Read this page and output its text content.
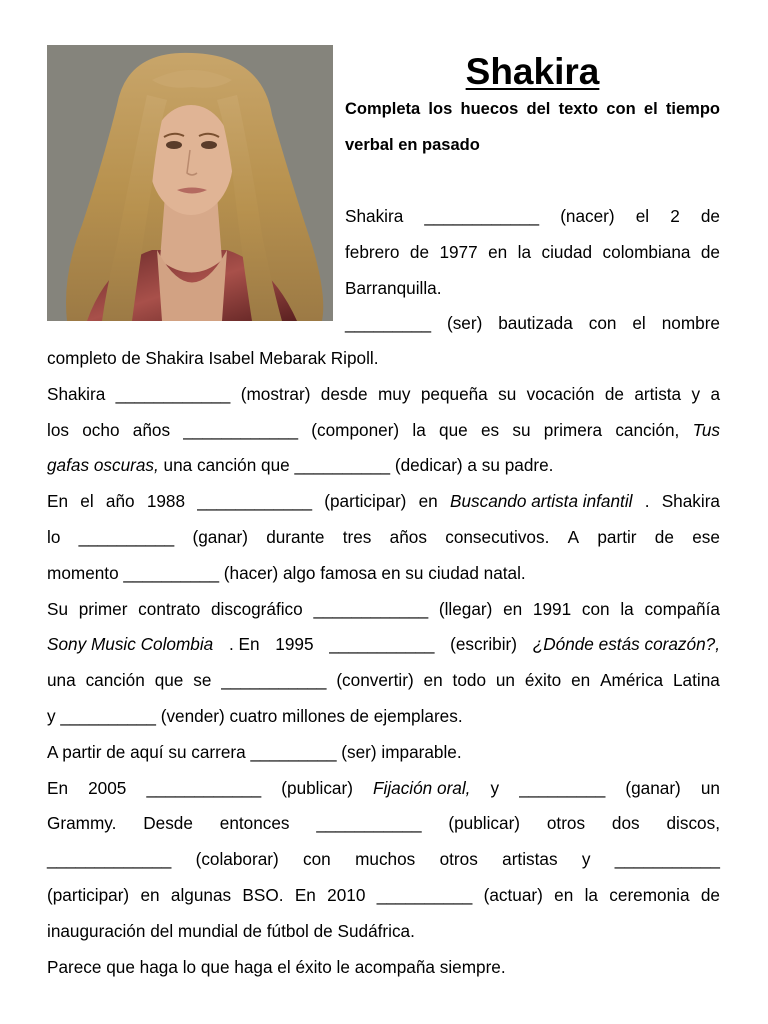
Shakira
Completa los huecos del texto con el tiempo verbal en pasado
Shakira ____________ (nacer) el 2 de
febrero de 1977 en la ciudad colombiana de
Barranquilla.
_________ (ser) bautizada con el nombre
completo de Shakira Isabel Mebarak Ripoll.
Shakira ____________ (mostrar) desde muy pequeña su vocación de artista y a
los ocho años ____________ (componer) la que es su primera canción, Tus
gafas oscuras, una canción que __________ (dedicar) a su padre.
En el año 1988 ____________ (participar) en Buscando artista infantil . Shakira
lo __________ (ganar) durante tres años consecutivos. A partir de ese
momento __________ (hacer) algo famosa en su ciudad natal.
Su primer contrato discográfico ____________ (llegar) en 1991 con la compañía
Sony Music Colombia . En 1995 ___________ (escribir) ¿Dónde estás corazón?,
una canción que se ___________ (convertir) en todo un éxito en América Latina
y __________ (vender) cuatro millones de ejemplares.
A partir de aquí su carrera _________ (ser) imparable.
En 2005 ____________ (publicar) Fijación oral, y _________ (ganar) un
Grammy. Desde entonces ___________ (publicar) otros dos discos,
_____________ (colaborar) con muchos otros artistas y ___________
(participar) en algunas BSO. En 2010 __________ (actuar) en la ceremonia de
inauguración del mundial de fútbol de Sudáfrica.
Parece que haga lo que haga el éxito le acompaña siempre.
